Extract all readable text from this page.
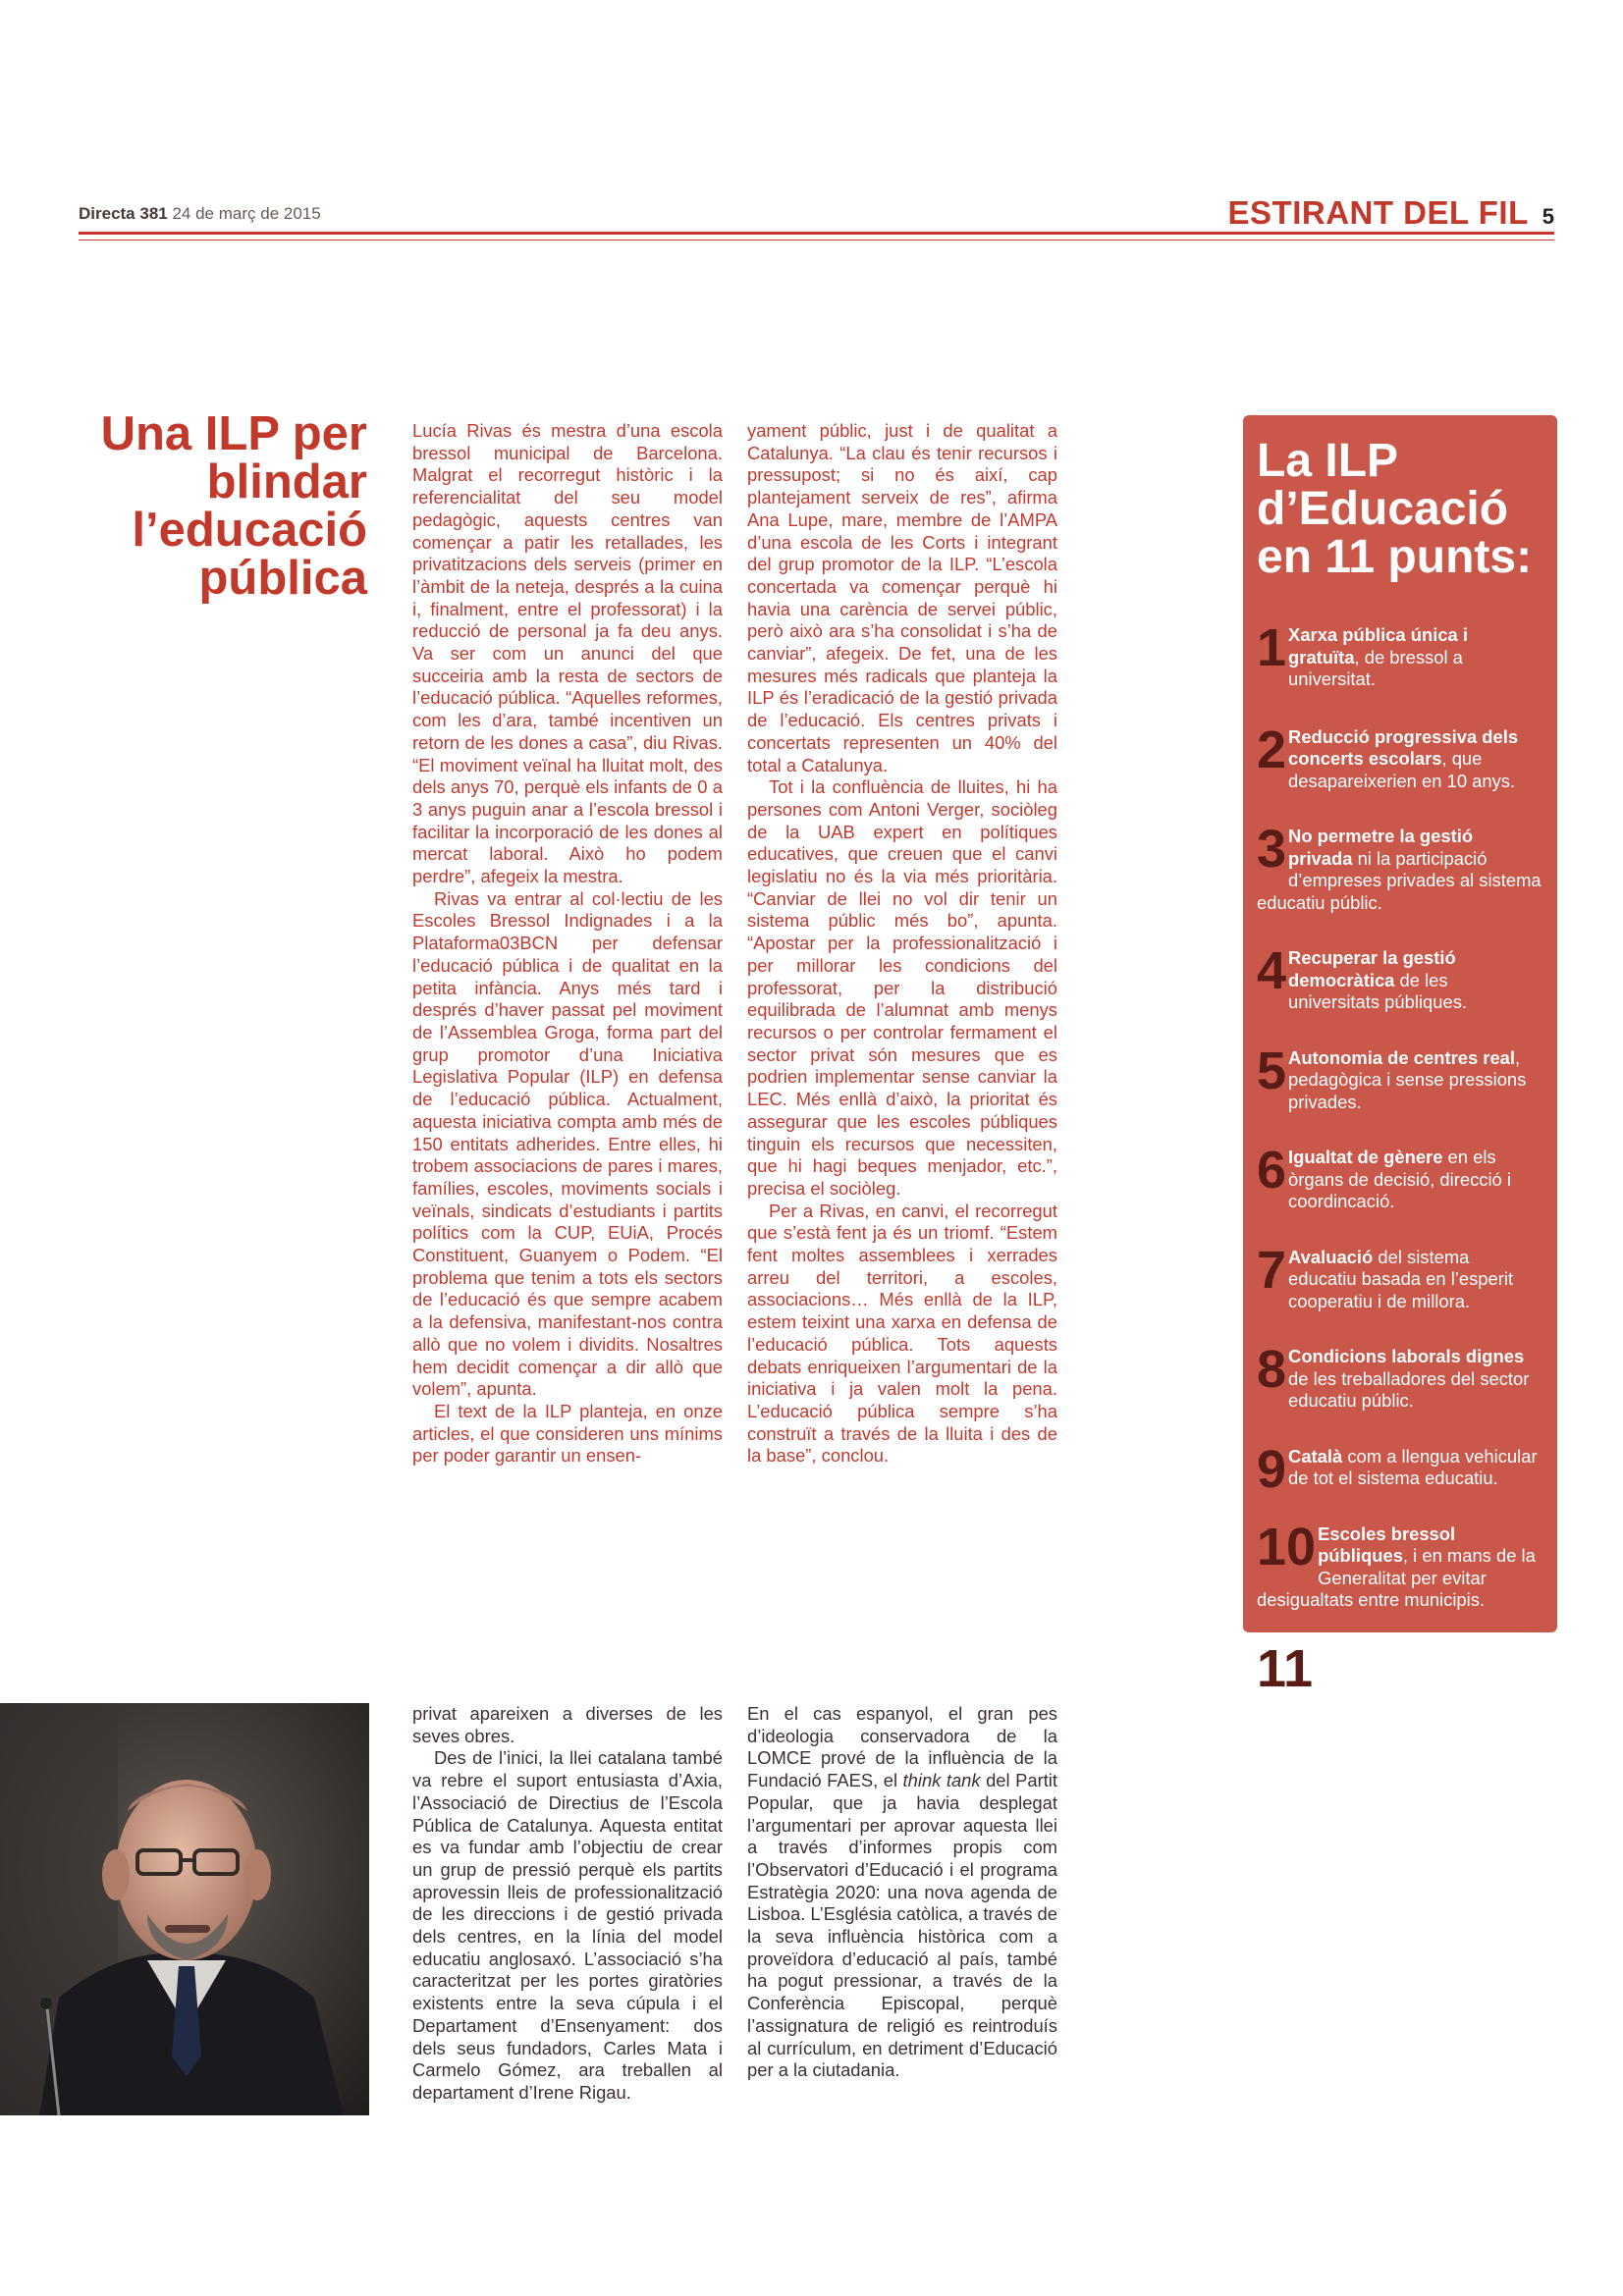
Directa 381 24 de març de 2015	ESTIRANT DEL FIL 5
Una ILP per blindar l’educació pública

Lucía Rivas és mestra d’una escola bressol municipal de Barcelona. Malgrat el recorregut històric i la referencialitat del seu model pedagògic, aquests centres van començar a patir les retallades, les privatitzacions dels serveis (primer en l’àmbit de la neteja, després a la cuina i, finalment, entre el professorat) i la reducció de personal ja fa deu anys. Va ser com un anunci del que succeiria amb la resta de sectors de l’educació pública. “Aquelles reformes, com les d’ara, també incentiven un retorn de les dones a casa”, diu Rivas. “El moviment veïnal ha lluitat molt, des dels anys 70, perquè els infants de 0 a 3 anys puguin anar a l’escola bressol i facilitar la incorporació de les dones al mercat laboral. Això ho podem perdre”, afegeix la mestra.

Rivas va entrar al col·lectiu de les Escoles Bressol Indignades i a la Plataforma03BCN per defensar l’educació pública i de qualitat en la petita infància. Anys més tard i després d’haver passat pel moviment de l’Assemblea Groga, forma part del grup promotor d’una Iniciativa Legislativa Popular (ILP) en defensa de l’educació pública. Actualment, aquesta iniciativa compta amb més de 150 entitats adherides. Entre elles, hi trobem associacions de pares i mares, famílies, escoles, moviments socials i veïnals, sindicats d’estudiants i partits polítics com la CUP, EUiA, Procés Constituent, Guanyem o Podem. “El problema que tenim a tots els sectors de l’educació és que sempre acabem a la defensiva, manifestant-nos contra allò que no volem i dividits. Nosaltres hem decidit començar a dir allò que volem”, apunta.

El text de la ILP planteja, en onze articles, el que consideren uns mínims per poder garantir un ensen-

yament públic, just i de qualitat a Catalunya. “La clau és tenir recursos i pressupost; si no és així, cap plantejament serveix de res”, afirma Ana Lupe, mare, membre de l’AMPA d’una escola de les Corts i integrant del grup promotor de la ILP. “L’escola concertada va començar perquè hi havia una carència de servei públic, però això ara s’ha consolidat i s’ha de canviar”, afegeix. De fet, una de les mesures més radicals que planteja la ILP és l’eradicació de la gestió privada de l’educació. Els centres privats i concertats representen un 40% del total a Catalunya.

Tot i la confluència de lluites, hi ha persones com Antoni Verger, sociòleg de la UAB expert en polítiques educatives, que creuen que el canvi legislatiu no és la via més prioritària. “Canviar de llei no vol dir tenir un sistema públic més bo”, apunta. “Apostar per la professionalització i per millorar les condicions del professorat, per la distribució equilibrada de l’alumnat amb menys recursos o per controlar fermament el sector privat són mesures que es podrien implementar sense canviar la LEC. Més enllà d’això, la prioritat és assegurar que les escoles públiques tinguin els recursos que necessiten, que hi hagi beques menjador, etc.”, precisa el sociòleg.

Per a Rivas, en canvi, el recorregut que s’està fent ja és un triomf. “Estem fent moltes assemblees i xerrades arreu del territori, a escoles, associacions… Més enllà de la ILP, estem teixint una xarxa en defensa de l’educació pública. Tots aquests debats enriqueixen l’argumentari de la iniciativa i ja valen molt la pena. L’educació pública sempre s’ha construït a través de la lluita i des de la base”, conclou.

La ILP d’Educació en 11 punts:
1 Xarxa pública única i gratuïta, de bressol a universitat.
2 Reducció progressiva dels concerts escolars, que desapareixerien en 10 anys.
3 No permetre la gestió privada ni la participació d’empreses privades al sistema educatiu públic.
4 Recuperar la gestió democràtica de les universitats públiques.
5 Autonomia de centres real, pedagògica i sense pressions privades.
6 Igualtat de gènere en els òrgans de decisió, direcció i coordincació.
7 Avaluació del sistema educatiu basada en l’esperit cooperatiu i de millora.
8 Condicions laborals dignes de les treballadores del sector educatiu públic.
9 Català com a llengua vehicular de tot el sistema educatiu.
10 Escoles bressol públiques, i en mans de la Generalitat per evitar desigualtats entre municipis.
11 Finançament: destinar un mínim del 6% del P.I.B. a l’ensenyament públic.

privat apareixen a diverses de les seves obres.

Des de l’inici, la llei catalana també va rebre el suport entusiasta d’Axia, l’Associació de Directius de l’Escola Pública de Catalunya. Aquesta entitat es va fundar amb l’objectiu de crear un grup de pressió perquè els partits aprovessin lleis de professionalització de les direccions i de gestió privada dels centres, en la línia del model educatiu anglosaxó. L’associació s’ha caracteritzat per les portes giratòries existents entre la seva cúpula i el Departament d’Ensenyament: dos dels seus fundadors, Carles Mata i Carmelo Gómez, ara treballen al departament d’Irene Rigau.

En el cas espanyol, el gran pes d’ideologia conservadora de la LOMCE prové de la influència de la Fundació FAES, el think tank del Partit Popular, que ja havia desplegat l’argumentari per aprovar aquesta llei a través d’informes propis com l’Observatori d’Educació i el programa Estratègia 2020: una nova agenda de Lisboa. L’Església catòlica, a través de la seva influència històrica com a proveïdora d’educació al país, també ha pogut pressionar, a través de la Conferència Episcopal, perquè l’assignatura de religió es reintroduís al currículum, en detriment d’Educació per a la ciutadania.
